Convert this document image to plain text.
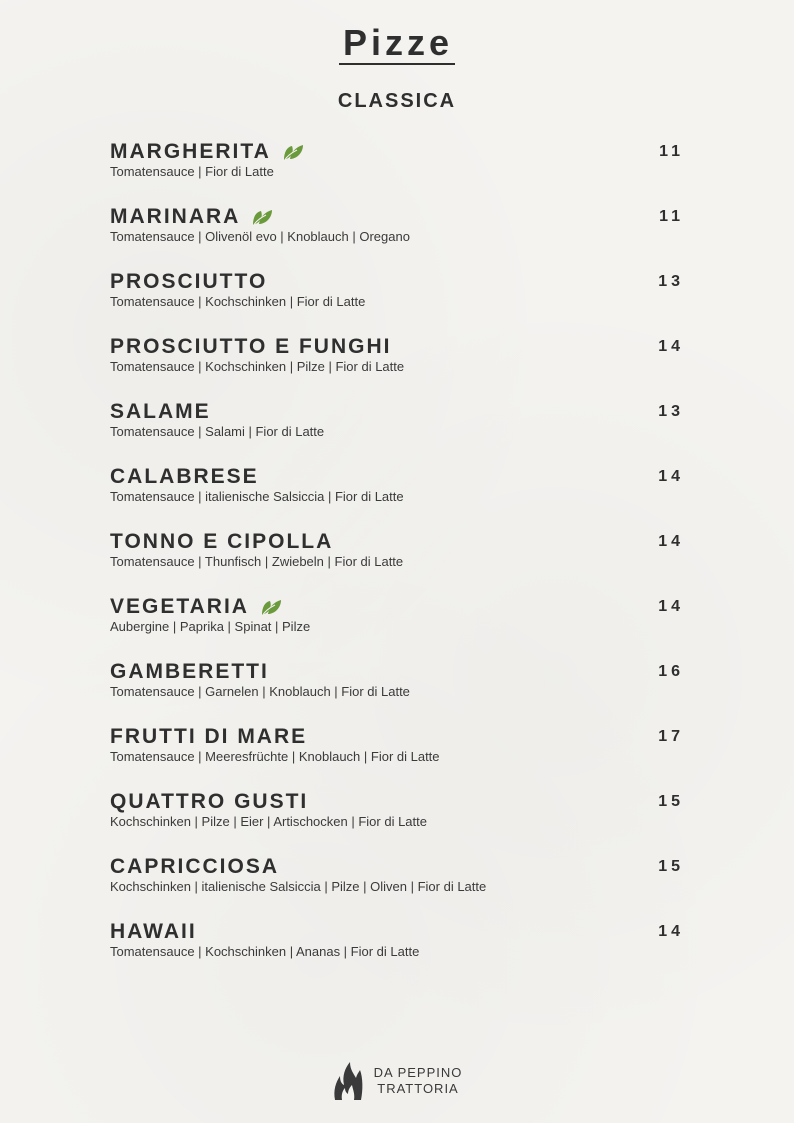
Pizze
CLASSICA
MARGHERITA
Tomatensauce | Fior di Latte
11
MARINARA
Tomatensauce | Olivenöl evo | Knoblauch | Oregano
11
PROSCIUTTO
Tomatensauce | Kochschinken | Fior di Latte
13
PROSCIUTTO E FUNGHI
Tomatensauce | Kochschinken | Pilze | Fior di Latte
14
SALAME
Tomatensauce | Salami | Fior di Latte
13
CALABRESE
Tomatensauce | italienische Salsiccia | Fior di Latte
14
TONNO E CIPOLLA
Tomatensauce | Thunfisch | Zwiebeln | Fior di Latte
14
VEGETARIA
Aubergine | Paprika | Spinat | Pilze
14
GAMBERETTI
Tomatensauce | Garnelen | Knoblauch | Fior di Latte
16
FRUTTI DI MARE
Tomatensauce | Meeresfrüchte | Knoblauch | Fior di Latte
17
QUATTRO GUSTI
Kochschinken | Pilze | Eier | Artischocken | Fior di Latte
15
CAPRICCIOSA
Kochschinken | italienische Salsiccia | Pilze | Oliven | Fior di Latte
15
HAWAII
Tomatensauce | Kochschinken | Ananas | Fior di Latte
14
DA PEPPINO
TRATTORIA
